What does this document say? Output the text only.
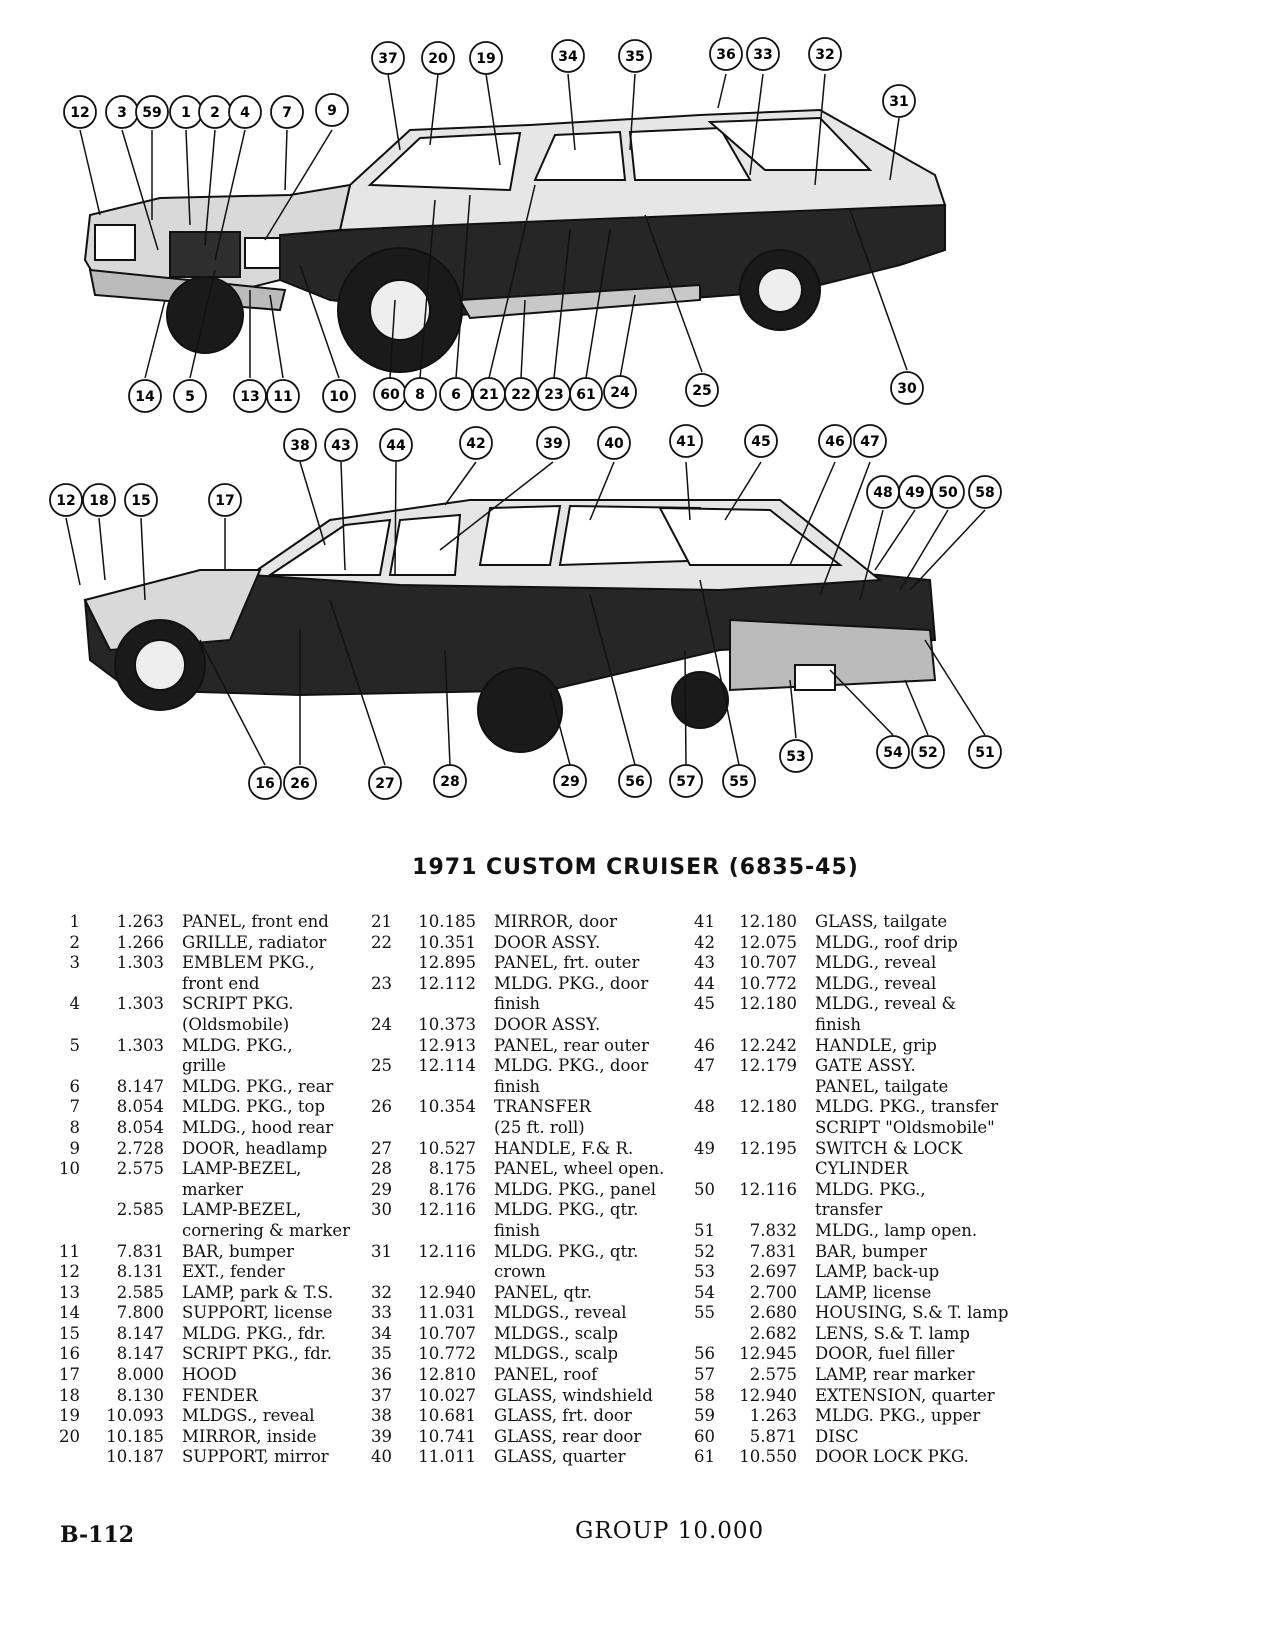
37 20 19	34	35	36 33	32
31
12 3 59 1 2 4 7	9
14 5	13 11	10 60 8 6 21 22 23 61 24	25	30
38 43	44	42	39	40	41	45	46 47
12 18 15	17	48 49 50 58
16 26	27	28	29	56 57 55
53	54 52	51
1971 CUSTOM CRUISER (6835-45)
1	1.263	PANEL, front end
2	1.266	GRILLE, radiator
3	1.303	EMBLEM PKG.,
front end
4	1.303	SCRIPT PKG.
(Oldsmobile)
5	1.303	MLDG. PKG.,
grille
6	8.147	MLDG. PKG., rear
7	8.054	MLDG. PKG., top
8	8.054	MLDG., hood rear
9	2.728	DOOR, headlamp
10	2.575	LAMP-BEZEL,
marker
2.585	LAMP-BEZEL,
cornering & marker
11	7.831	BAR, bumper
12	8.131	EXT., fender
13	2.585	LAMP, park & T.S.
14	7.800	SUPPORT, license
15	8.147	MLDG. PKG., fdr.
16	8.147	SCRIPT PKG., fdr.
17	8.000	HOOD
18	8.130	FENDER
19	10.093	MLDGS., reveal
20	10.185	MIRROR, inside
10.187	SUPPORT, mirror
21	10.185	MIRROR, door
22	10.351	DOOR ASSY.
12.895	PANEL, frt. outer
23	12.112	MLDG. PKG., door
finish
24	10.373	DOOR ASSY.
12.913	PANEL, rear outer
25	12.114	MLDG. PKG., door
finish
26	10.354	TRANSFER
(25 ft. roll)
27	10.527	HANDLE, F.& R.
28	8.175	PANEL, wheel open.
29	8.176	MLDG. PKG., panel
30	12.116	MLDG. PKG., qtr.
finish
31	12.116	MLDG. PKG., qtr.
crown
32	12.940	PANEL, qtr.
33	11.031	MLDGS., reveal
34	10.707	MLDGS., scalp
35	10.772	MLDGS., scalp
36	12.810	PANEL, roof
37	10.027	GLASS, windshield
38	10.681	GLASS, frt. door
39	10.741	GLASS, rear door
40	11.011	GLASS, quarter
41	12.180	GLASS, tailgate
42	12.075	MLDG., roof drip
43	10.707	MLDG., reveal
44	10.772	MLDG., reveal
45	12.180	MLDG., reveal &
finish
46	12.242	HANDLE, grip
47	12.179	GATE ASSY.
PANEL, tailgate
48	12.180	MLDG. PKG., transfer
SCRIPT "Oldsmobile"
49	12.195	SWITCH & LOCK
CYLINDER
50	12.116	MLDG. PKG.,
transfer
51	7.832	MLDG., lamp open.
52	7.831	BAR, bumper
53	2.697	LAMP, back-up
54	2.700	LAMP, license
55	2.680	HOUSING, S.& T. lamp
2.682	LENS, S.& T. lamp
56	12.945	DOOR, fuel filler
57	2.575	LAMP, rear marker
58	12.940	EXTENSION, quarter
59	1.263	MLDG. PKG., upper
60	5.871	DISC
61	10.550	DOOR LOCK PKG.
B-112	GROUP 10.000
